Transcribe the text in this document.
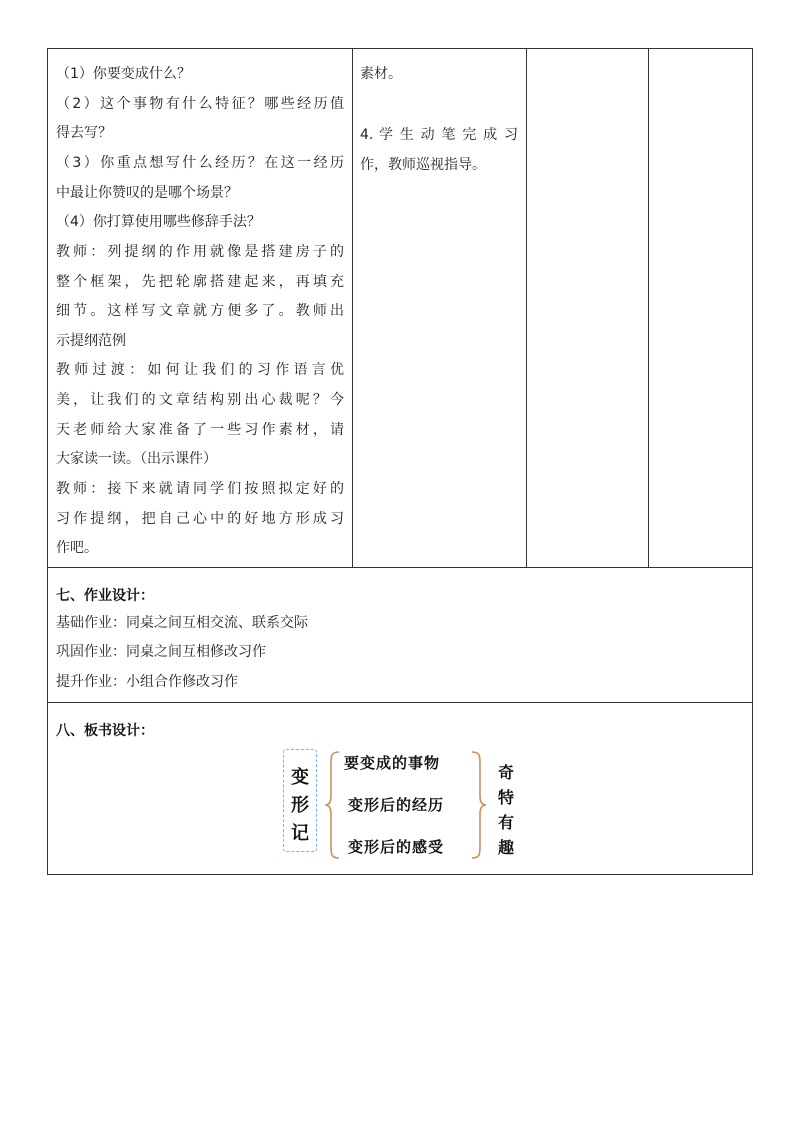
（1）你要变成什么？
（2）这个事物有什么特征？哪些经历值
得去写？
（3）你重点想写什么经历？在这一经历
中最让你赞叹的是哪个场景？
（4）你打算使用哪些修辞手法？
教师：列提纲的作用就像是搭建房子的
整个框架，先把轮廓搭建起来，再填充
细节。这样写文章就方便多了。教师出
示提纲范例
教师过渡：如何让我们的习作语言优
美，让我们的文章结构别出心裁呢？今
天老师给大家准备了一些习作素材，请
大家读一读。（出示课件）
教师：接下来就请同学们按照拟定好的
习作提纲，把自己心中的好地方形成习
作吧。
素材。
4. 学 生 动 笔 完 成 习
作，教师巡视指导。
七、作业设计：
基础作业：同桌之间互相交流、联系交际
巩固作业：同桌之间互相修改习作
提升作业：小组合作修改习作
八、板书设计：
变
形
记
要变成的事物
变形后的经历
变形后的感受
奇
特
有
趣
